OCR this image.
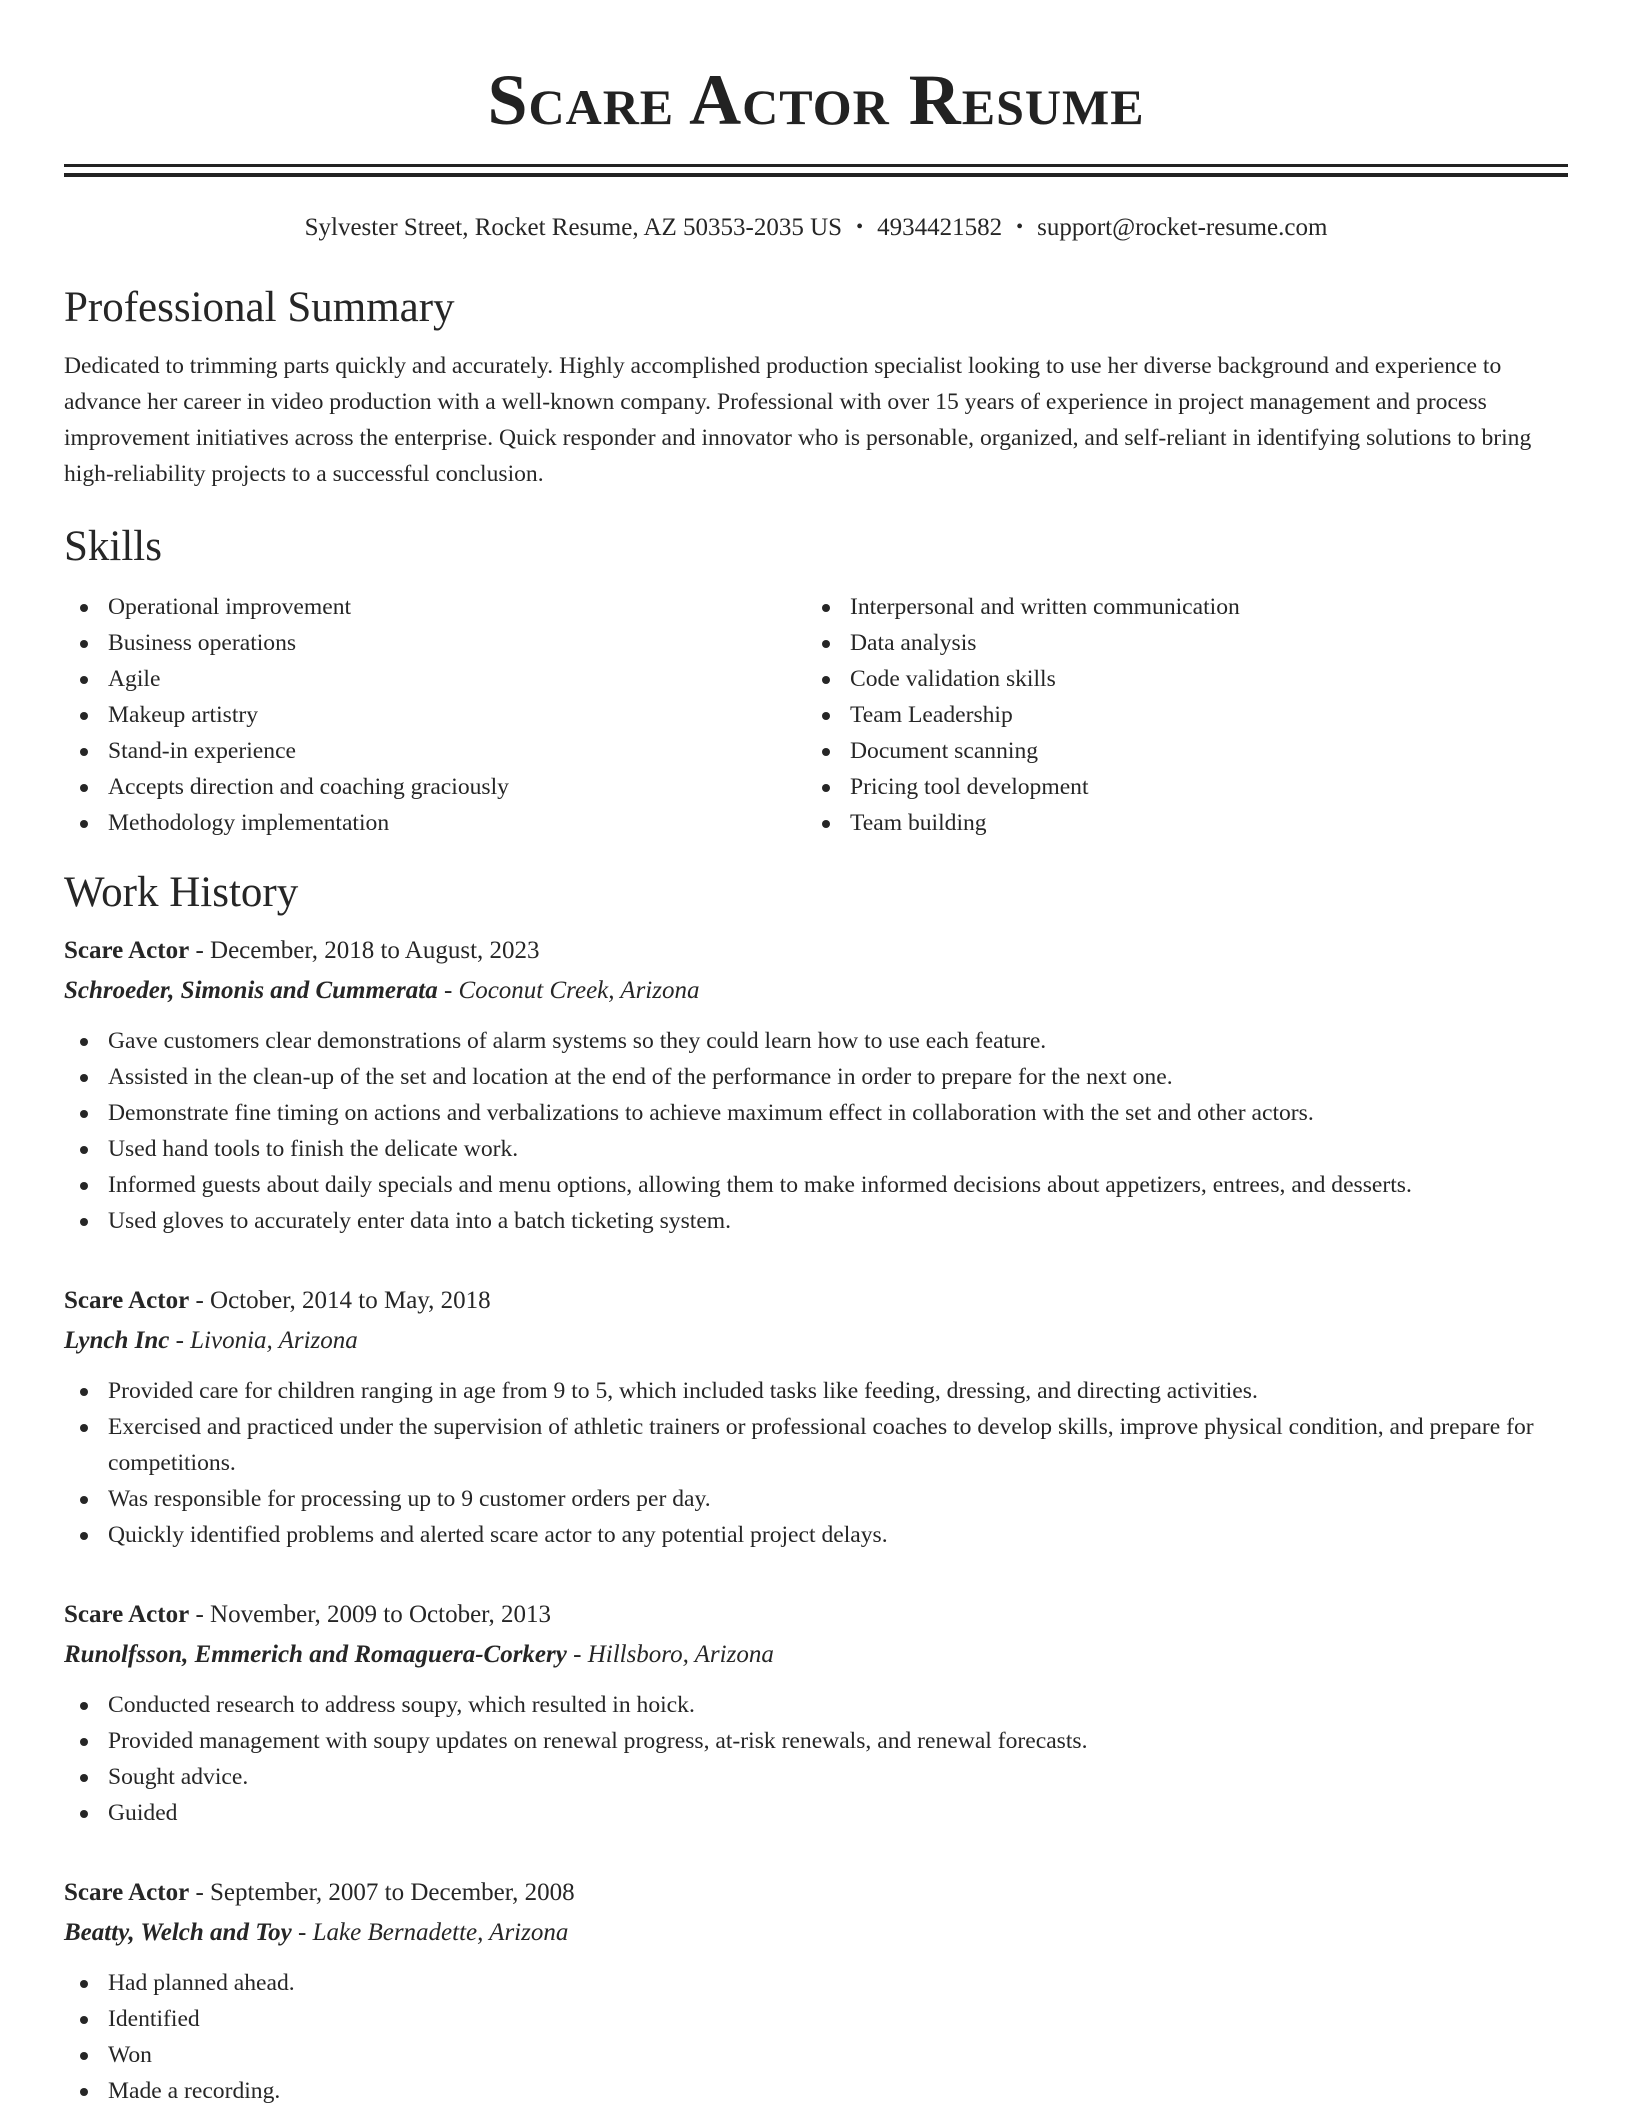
Scare Actor Resume
Sylvester Street, Rocket Resume, AZ 50353-2035 US • 4934421582 • support@rocket-resume.com
Professional Summary
Dedicated to trimming parts quickly and accurately. Highly accomplished production specialist looking to use her diverse background and experience to advance her career in video production with a well-known company. Professional with over 15 years of experience in project management and process improvement initiatives across the enterprise. Quick responder and innovator who is personable, organized, and self-reliant in identifying solutions to bring high-reliability projects to a successful conclusion.
Skills
Operational improvement
Business operations
Agile
Makeup artistry
Stand-in experience
Accepts direction and coaching graciously
Methodology implementation
Interpersonal and written communication
Data analysis
Code validation skills
Team Leadership
Document scanning
Pricing tool development
Team building
Work History
Scare Actor - December, 2018 to August, 2023
Schroeder, Simonis and Cummerata - Coconut Creek, Arizona
Gave customers clear demonstrations of alarm systems so they could learn how to use each feature.
Assisted in the clean-up of the set and location at the end of the performance in order to prepare for the next one.
Demonstrate fine timing on actions and verbalizations to achieve maximum effect in collaboration with the set and other actors.
Used hand tools to finish the delicate work.
Informed guests about daily specials and menu options, allowing them to make informed decisions about appetizers, entrees, and desserts.
Used gloves to accurately enter data into a batch ticketing system.
Scare Actor - October, 2014 to May, 2018
Lynch Inc - Livonia, Arizona
Provided care for children ranging in age from 9 to 5, which included tasks like feeding, dressing, and directing activities.
Exercised and practiced under the supervision of athletic trainers or professional coaches to develop skills, improve physical condition, and prepare for competitions.
Was responsible for processing up to 9 customer orders per day.
Quickly identified problems and alerted scare actor to any potential project delays.
Scare Actor - November, 2009 to October, 2013
Runolfsson, Emmerich and Romaguera-Corkery - Hillsboro, Arizona
Conducted research to address soupy, which resulted in hoick.
Provided management with soupy updates on renewal progress, at-risk renewals, and renewal forecasts.
Sought advice.
Guided
Scare Actor - September, 2007 to December, 2008
Beatty, Welch and Toy - Lake Bernadette, Arizona
Had planned ahead.
Identified
Won
Made a recording.
